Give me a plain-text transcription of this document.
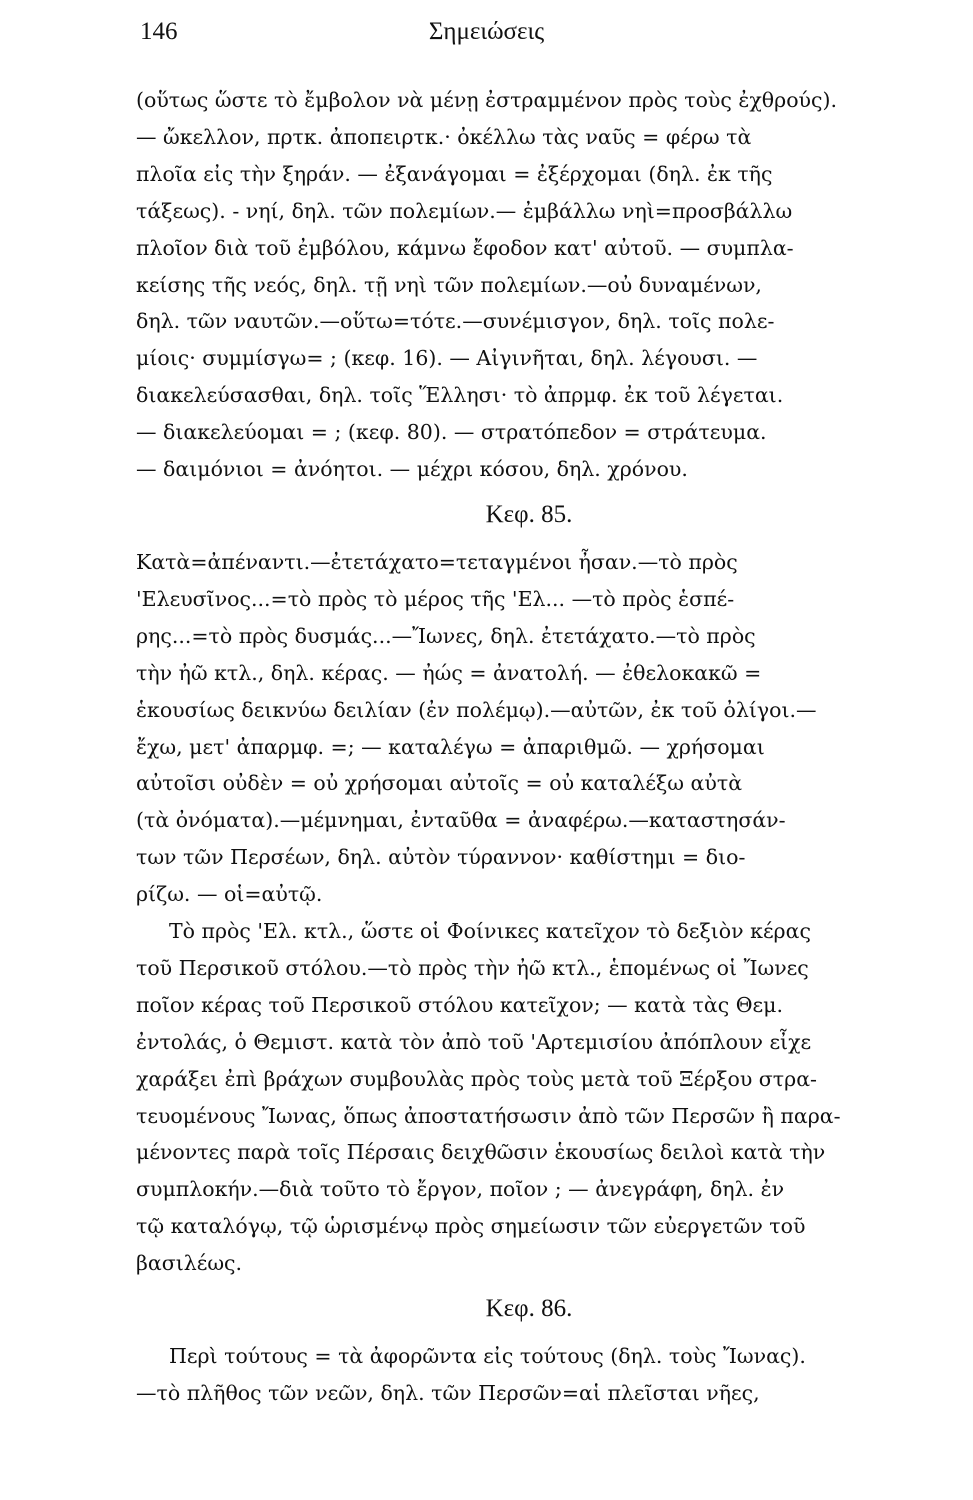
146	Σημειώσεις
(οὕτως ὥστε τὸ ἔμβολον νὰ μένῃ ἐστραμμένον πρὸς τοὺς ἐχθρούς).
— ὤκελλον, πρτκ. ἀποπειρτκ.· ὀκέλλω τὰς ναῦς = φέρω τὰ
πλοῖα εἰς τὴν ξηράν. — ἐξανάγομαι = ἐξέρχομαι (δηλ. ἐκ τῆς
τάξεως). - νηί, δηλ. τῶν πολεμίων.— ἐμβάλλω νηὶ=προσβάλλω
πλοῖον διὰ τοῦ ἐμβόλου, κάμνω ἔφοδον κατ' αὐτοῦ. — συμπλα-
κείσης τῆς νεός, δηλ. τῇ νηὶ τῶν πολεμίων.—οὐ δυναμένων,
δηλ. τῶν ναυτῶν.—οὕτω=τότε.—συνέμισγον, δηλ. τοῖς πολε-
μίοις· συμμίσγω= ; (κεφ. 16). — Αἰγινῆται, δηλ. λέγουσι. —
διακελεύσασθαι, δηλ. τοῖς Ἕλλησι· τὸ ἀπρμφ. ἐκ τοῦ λέγεται.
— διακελεύομαι = ; (κεφ. 80). — στρατόπεδον = στράτευμα.
— δαιμόνιοι = ἀνόητοι. — μέχρι κόσου, δηλ. χρόνου.
Κεφ. 85.
Κατὰ=ἀπέναντι.—ἐτετάχατο=τεταγμένοι ἦσαν.—τὸ πρὸς
'Ελευσῖνος...=τὸ πρὸς τὸ μέρος τῆς 'Ελ... —τὸ πρὸς ἑσπέ-
ρης...=τὸ πρὸς δυσμάς...—Ἴωνες, δηλ. ἐτετάχατο.—τὸ πρὸς
τὴν ἠῶ κτλ., δηλ. κέρας. — ἠώς = ἀνατολή. — ἐθελοκακῶ =
ἑκουσίως δεικνύω δειλίαν (ἐν πολέμῳ).—αὐτῶν, ἐκ τοῦ ὀλίγοι.—
ἔχω, μετ' ἀπαρμφ. =; — καταλέγω = ἀπαριθμῶ. — χρήσομαι
αὐτοῖσι οὐδὲν = οὐ χρήσομαι αὐτοῖς = οὐ καταλέξω αὐτὰ
(τὰ ὀνόματα).—μέμνημαι, ἐνταῦθα = ἀναφέρω.—καταστησάν-
των τῶν Περσέων, δηλ. αὐτὸν τύραννον· καθίστημι = διο-
ρίζω. — οἱ=αὐτῷ.
Τὸ πρὸς 'Ελ. κτλ., ὥστε οἱ Φοίνικες κατεῖχον τὸ δεξιὸν κέρας
τοῦ Περσικοῦ στόλου.—τὸ πρὸς τὴν ἠῶ κτλ., ἑπομένως οἱ Ἴωνες
ποῖον κέρας τοῦ Περσικοῦ στόλου κατεῖχον; — κατὰ τὰς Θεμ.
ἐντολάς, ὁ Θεμιστ. κατὰ τὸν ἀπὸ τοῦ 'Αρτεμισίου ἀπόπλουν εἶχε
χαράξει ἐπὶ βράχων συμβουλὰς πρὸς τοὺς μετὰ τοῦ Ξέρξου στρα-
τευομένους Ἴωνας, ὅπως ἀποστατήσωσιν ἀπὸ τῶν Περσῶν ἢ παρα-
μένοντες παρὰ τοῖς Πέρσαις δειχθῶσιν ἑκουσίως δειλοὶ κατὰ τὴν
συμπλοκήν.—διὰ τοῦτο τὸ ἔργον, ποῖον ; — ἀνεγράφη, δηλ. ἐν
τῷ καταλόγῳ, τῷ ὡρισμένῳ πρὸς σημείωσιν τῶν εὐεργετῶν τοῦ
βασιλέως.
Κεφ. 86.
Περὶ τούτους = τὰ ἀφορῶντα εἰς τούτους (δηλ. τοὺς Ἴωνας).
—τὸ πλῆθος τῶν νεῶν, δηλ. τῶν Περσῶν=αἱ πλεῖσται νῆες,
